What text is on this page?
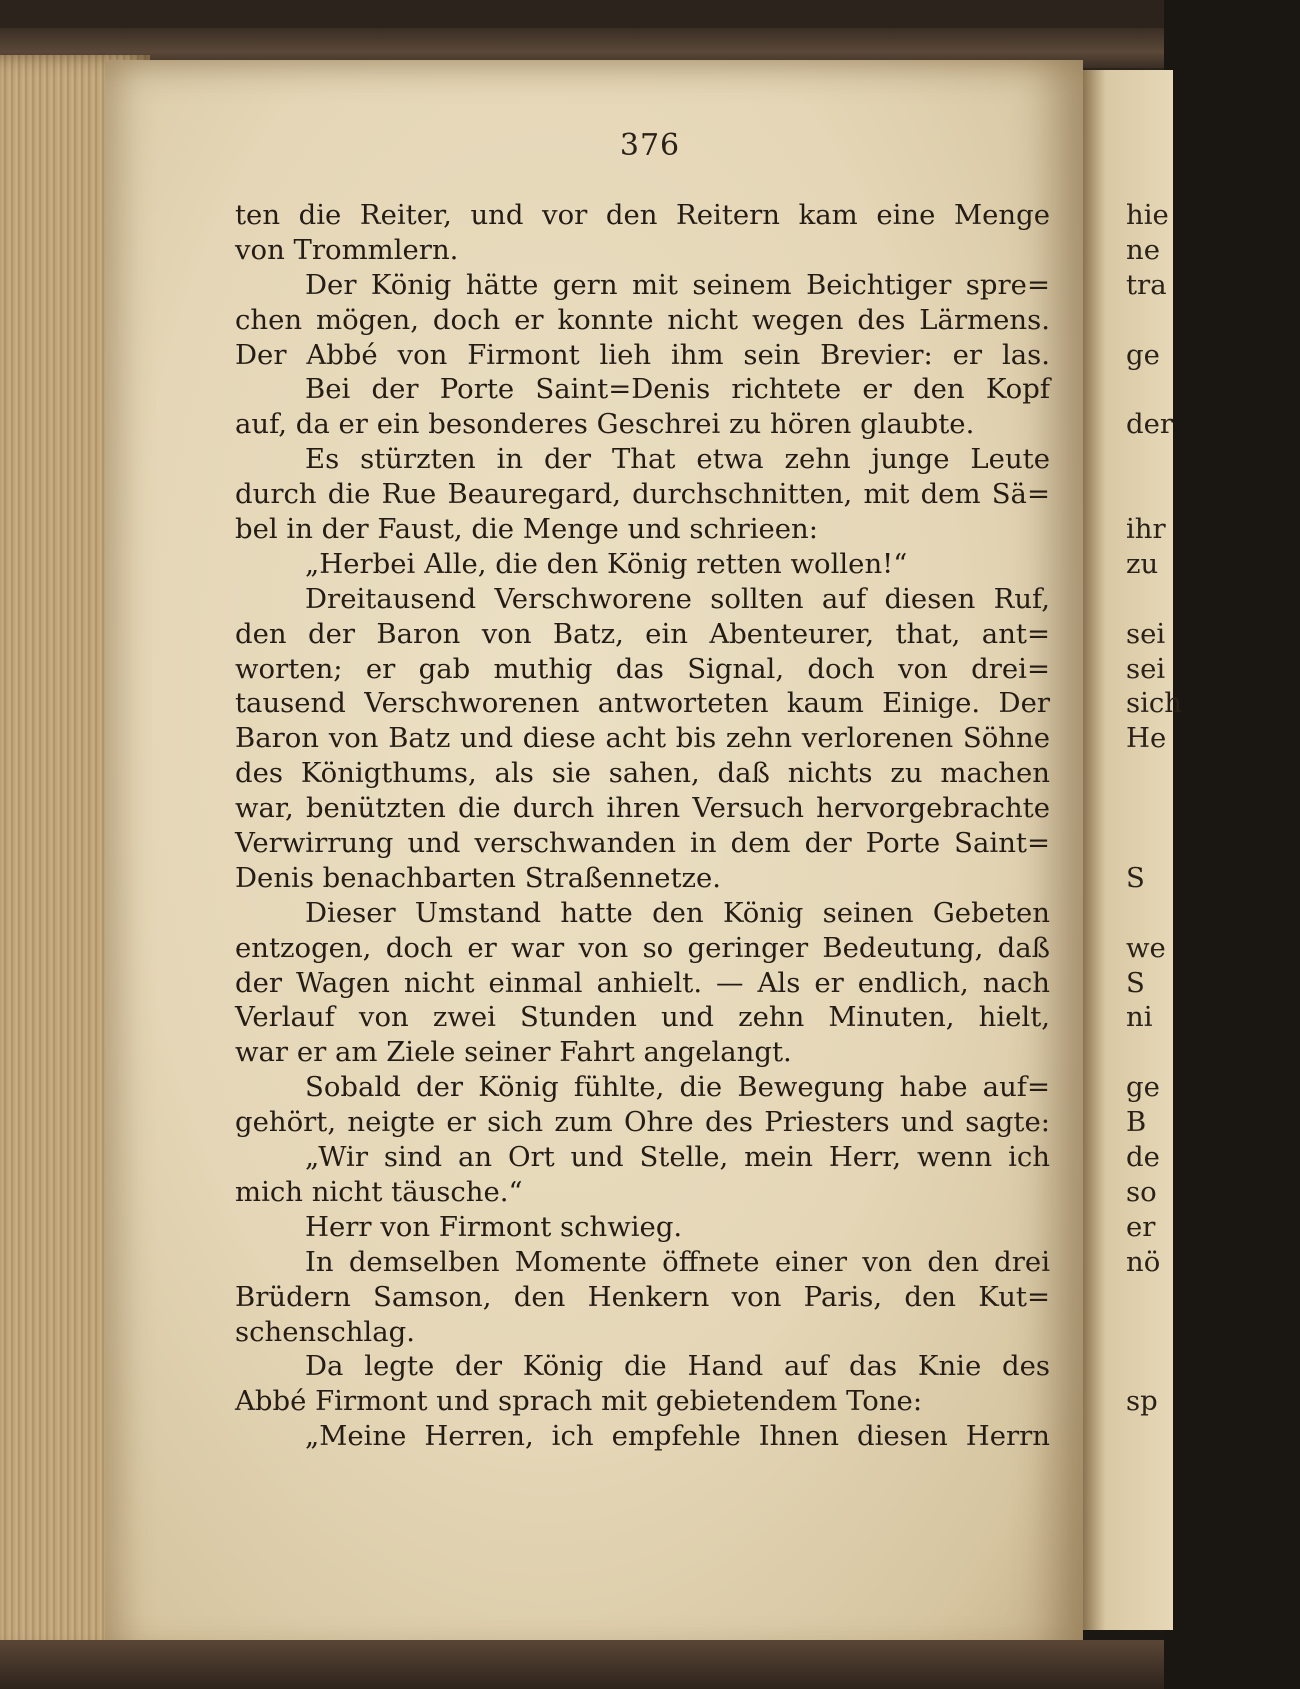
376
ten die Reiter, und vor den Reitern kam eine Menge
von Trommlern.
Der König hätte gern mit seinem Beichtiger spre=
chen mögen, doch er konnte nicht wegen des Lärmens.
Der Abbé von Firmont lieh ihm sein Brevier: er las.
Bei der Porte Saint=Denis richtete er den Kopf
auf, da er ein besonderes Geschrei zu hören glaubte.
Es stürzten in der That etwa zehn junge Leute
durch die Rue Beauregard, durchschnitten, mit dem Sä=
bel in der Faust, die Menge und schrieen:
„Herbei Alle, die den König retten wollen!“
Dreitausend Verschworene sollten auf diesen Ruf,
den der Baron von Batz, ein Abenteurer, that, ant=
worten; er gab muthig das Signal, doch von drei=
tausend Verschworenen antworteten kaum Einige. Der
Baron von Batz und diese acht bis zehn verlorenen Söhne
des Königthums, als sie sahen, daß nichts zu machen
war, benützten die durch ihren Versuch hervorgebrachte
Verwirrung und verschwanden in dem der Porte Saint=
Denis benachbarten Straßennetze.
Dieser Umstand hatte den König seinen Gebeten
entzogen, doch er war von so geringer Bedeutung, daß
der Wagen nicht einmal anhielt. — Als er endlich, nach
Verlauf von zwei Stunden und zehn Minuten, hielt,
war er am Ziele seiner Fahrt angelangt.
Sobald der König fühlte, die Bewegung habe auf=
gehört, neigte er sich zum Ohre des Priesters und sagte:
„Wir sind an Ort und Stelle, mein Herr, wenn ich
mich nicht täusche.“
Herr von Firmont schwieg.
In demselben Momente öffnete einer von den drei
Brüdern Samson, den Henkern von Paris, den Kut=
schenschlag.
Da legte der König die Hand auf das Knie des
Abbé Firmont und sprach mit gebietendem Tone:
„Meine Herren, ich empfehle Ihnen diesen Herrn
hie
ne
tra
ge
der
ihr
zu
sei
sei
sich
He
S
we
S
ni
ge
B
de
so
er
nö
sp
